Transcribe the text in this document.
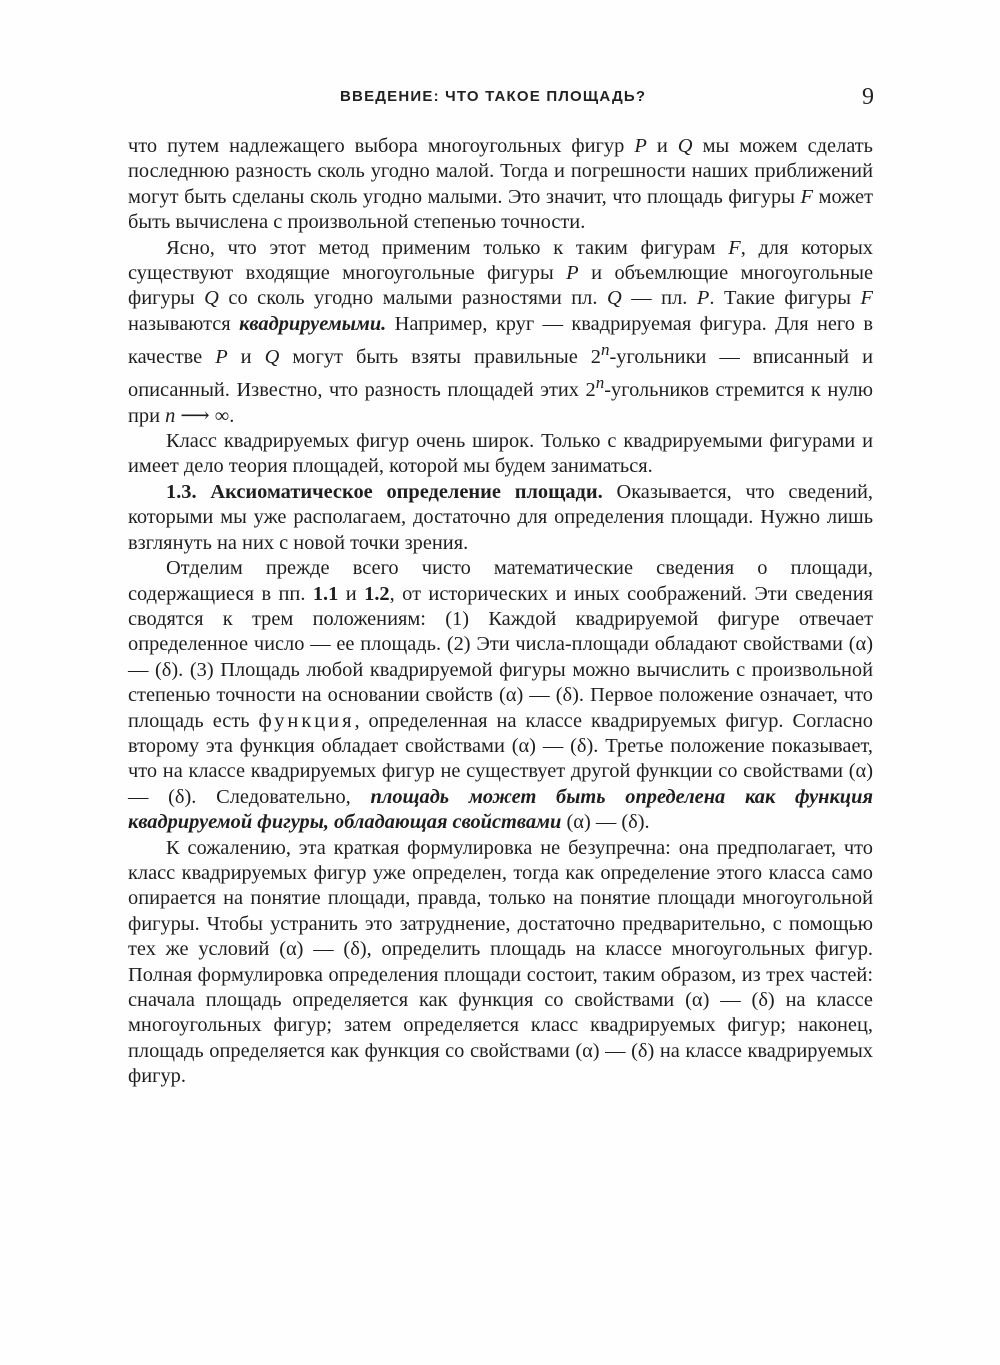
ВВЕДЕНИЕ: ЧТО ТАКОЕ ПЛОЩАДЬ?	9

что путем надлежащего выбора многоугольных фигур P и Q мы можем сделать последнюю разность сколь угодно малой. Тогда и погрешности наших приближений могут быть сделаны сколь угодно малыми. Это значит, что площадь фигуры F может быть вычислена с произвольной степенью точности.

Ясно, что этот метод применим только к таким фигурам F, для которых существуют входящие многоугольные фигуры P и объемлющие многоугольные фигуры Q со сколь угодно малыми разностями пл. Q — пл. P. Такие фигуры F называются квадрируемыми. Например, круг — квадрируемая фигура. Для него в качестве P и Q могут быть взяты правильные 2$^n$-угольники — вписанный и описанный. Известно, что разность площадей этих 2$^n$-угольников стремится к нулю при n ⟶ ∞.

Класс квадрируемых фигур очень широк. Только с квадрируемыми фигурами и имеет дело теория площадей, которой мы будем заниматься.

1.3. Аксиоматическое определение площади. Оказывается, что сведений, которыми мы уже располагаем, достаточно для определения площади. Нужно лишь взглянуть на них с новой точки зрения.

Отделим прежде всего чисто математические сведения о площади, содержащиеся в пп. 1.1 и 1.2, от исторических и иных соображений. Эти сведения сводятся к трем положениям: (1) Каждой квадрируемой фигуре отвечает определенное число — ее площадь. (2) Эти числа-площади обладают свойствами (α) — (δ). (3) Площадь любой квадрируемой фигуры можно вычислить с произвольной степенью точности на основании свойств (α) — (δ). Первое положение означает, что площадь есть функция, определенная на классе квадрируемых фигур. Согласно второму эта функция обладает свойствами (α) — (δ). Третье положение показывает, что на классе квадрируемых фигур не существует другой функции со свойствами (α) — (δ). Следовательно, площадь может быть определена как функция квадрируемой фигуры, обладающая свойствами (α) — (δ).

К сожалению, эта краткая формулировка не безупречна: она предполагает, что класс квадрируемых фигур уже определен, тогда как определение этого класса само опирается на понятие площади, правда, только на понятие площади многоугольной фигуры. Чтобы устранить это затруднение, достаточно предварительно, с помощью тех же условий (α) — (δ), определить площадь на классе многоугольных фигур. Полная формулировка определения площади состоит, таким образом, из трех частей: сначала площадь определяется как функция со свойствами (α) — (δ) на классе многоугольных фигур; затем определяется класс квадрируемых фигур; наконец, площадь определяется как функция со свойствами (α) — (δ) на классе квадрируемых фигур.
